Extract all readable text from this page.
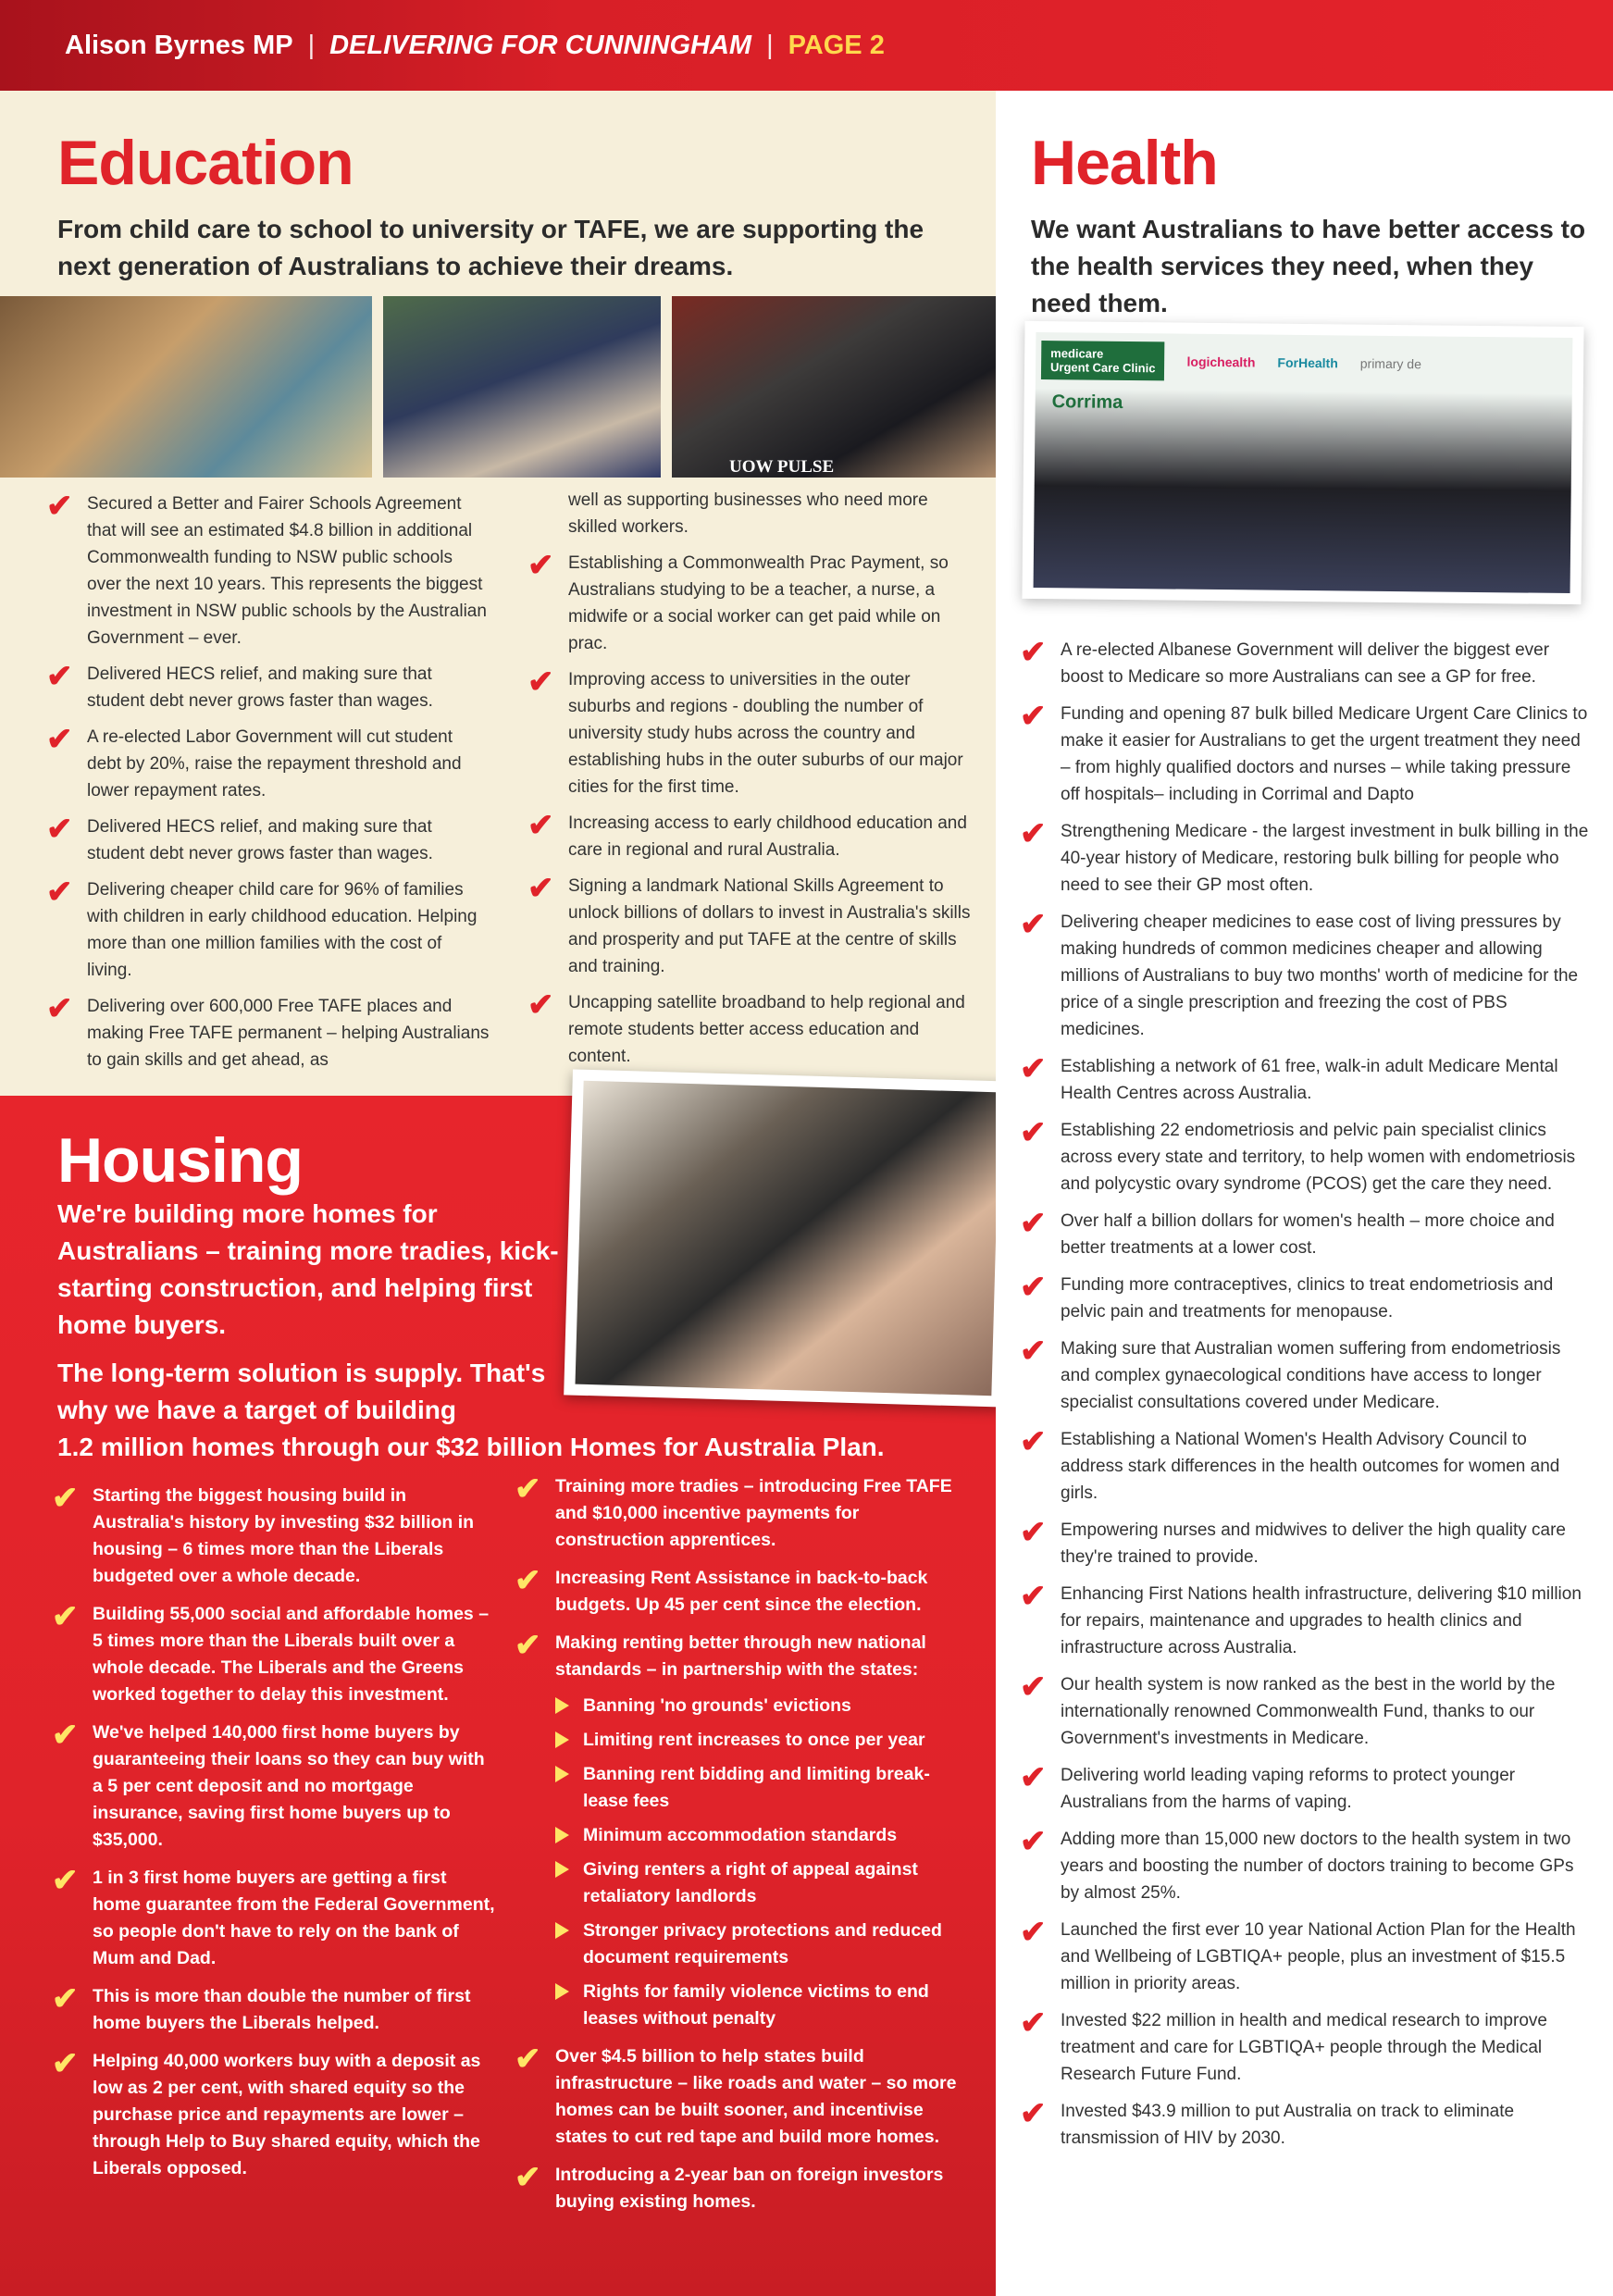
Alison Byrnes MP | DELIVERING FOR CUNNINGHAM | PAGE 2
Education

From child care to school to university or TAFE, we are supporting the next generation of Australians to achieve their dreams.

UOW PULSE
✔ Secured a Better and Fairer Schools Agreement that will see an estimated $4.8 billion in additional Commonwealth funding to NSW public schools over the next 10 years. This represents the biggest investment in NSW public schools by the Australian Government – ever.
✔ Delivered HECS relief, and making sure that student debt never grows faster than wages.
✔ A re-elected Labor Government will cut student debt by 20%, raise the repayment threshold and lower repayment rates.
✔ Delivered HECS relief, and making sure that student debt never grows faster than wages.
✔ Delivering cheaper child care for 96% of families with children in early childhood education. Helping more than one million families with the cost of living.
✔ Delivering over 600,000 Free TAFE places and making Free TAFE permanent – helping Australians to gain skills and get ahead, as
well as supporting businesses who need more skilled workers.
✔ Establishing a Commonwealth Prac Payment, so Australians studying to be a teacher, a nurse, a midwife or a social worker can get paid while on prac.
✔ Improving access to universities in the outer suburbs and regions - doubling the number of university study hubs across the country and establishing hubs in the outer suburbs of our major cities for the first time.
✔ Increasing access to early childhood education and care in regional and rural Australia.
✔ Signing a landmark National Skills Agreement to unlock billions of dollars to invest in Australia's skills and prosperity and put TAFE at the centre of skills and training.
✔ Uncapping satellite broadband to help regional and remote students better access education and content.
Housing

We're building more homes for Australians – training more tradies, kick-starting construction, and helping first home buyers.

The long-term solution is supply. That's why we have a target of building

1.2 million homes through our $32 billion Homes for Australia Plan.

✔ Starting the biggest housing build in Australia's history by investing $32 billion in housing – 6 times more than the Liberals budgeted over a whole decade.
✔ Building 55,000 social and affordable homes – 5 times more than the Liberals built over a whole decade. The Liberals and the Greens worked together to delay this investment.
✔ We've helped 140,000 first home buyers by guaranteeing their loans so they can buy with a 5 per cent deposit and no mortgage insurance, saving first home buyers up to $35,000.
✔ 1 in 3 first home buyers are getting a first home guarantee from the Federal Government, so people don't have to rely on the bank of Mum and Dad.
✔ This is more than double the number of first home buyers the Liberals helped.
✔ Helping 40,000 workers buy with a deposit as low as 2 per cent, with shared equity so the purchase price and repayments are lower – through Help to Buy shared equity, which the Liberals opposed.
✔ Training more tradies – introducing Free TAFE and $10,000 incentive payments for construction apprentices.
✔ Increasing Rent Assistance in back-to-back budgets. Up 45 per cent since the election.
✔ Making renting better through new national standards – in partnership with the states:
Banning 'no grounds' evictions
Limiting rent increases to once per year
Banning rent bidding and limiting break-lease fees
Minimum accommodation standards
Giving renters a right of appeal against retaliatory landlords
Stronger privacy protections and reduced document requirements
Rights for family violence victims to end leases without penalty
✔ Over $4.5 billion to help states build infrastructure – like roads and water – so more homes can be built sooner, and incentivise states to cut red tape and build more homes.
✔ Introducing a 2-year ban on foreign investors buying existing homes.
Health

We want Australians to have better access to the health services they need, when they need them.

medicare
Urgent Care Clinic logichealth ForHealth primary de
Corrima
✔ A re-elected Albanese Government will deliver the biggest ever boost to Medicare so more Australians can see a GP for free.
✔ Funding and opening 87 bulk billed Medicare Urgent Care Clinics to make it easier for Australians to get the urgent treatment they need – from highly qualified doctors and nurses – while taking pressure off hospitals– including in Corrimal and Dapto
✔ Strengthening Medicare - the largest investment in bulk billing in the 40-year history of Medicare, restoring bulk billing for people who need to see their GP most often.
✔ Delivering cheaper medicines to ease cost of living pressures by making hundreds of common medicines cheaper and allowing millions of Australians to buy two months' worth of medicine for the price of a single prescription and freezing the cost of PBS medicines.
✔ Establishing a network of 61 free, walk-in adult Medicare Mental Health Centres across Australia.
✔ Establishing 22 endometriosis and pelvic pain specialist clinics across every state and territory, to help women with endometriosis and polycystic ovary syndrome (PCOS) get the care they need.
✔ Over half a billion dollars for women's health – more choice and better treatments at a lower cost.
✔ Funding more contraceptives, clinics to treat endometriosis and pelvic pain and treatments for menopause.
✔ Making sure that Australian women suffering from endometriosis and complex gynaecological conditions have access to longer specialist consultations covered under Medicare.
✔ Establishing a National Women's Health Advisory Council to address stark differences in the health outcomes for women and girls.
✔ Empowering nurses and midwives to deliver the high quality care they're trained to provide.
✔ Enhancing First Nations health infrastructure, delivering $10 million for repairs, maintenance and upgrades to health clinics and infrastructure across Australia.
✔ Our health system is now ranked as the best in the world by the internationally renowned Commonwealth Fund, thanks to our Government's investments in Medicare.
✔ Delivering world leading vaping reforms to protect younger Australians from the harms of vaping.
✔ Adding more than 15,000 new doctors to the health system in two years and boosting the number of doctors training to become GPs by almost 25%.
✔ Launched the first ever 10 year National Action Plan for the Health and Wellbeing of LGBTIQA+ people, plus an investment of $15.5 million in priority areas.
✔ Invested $22 million in health and medical research to improve treatment and care for LGBTIQA+ people through the Medical Research Future Fund.
✔ Invested $43.9 million to put Australia on track to eliminate transmission of HIV by 2030.
